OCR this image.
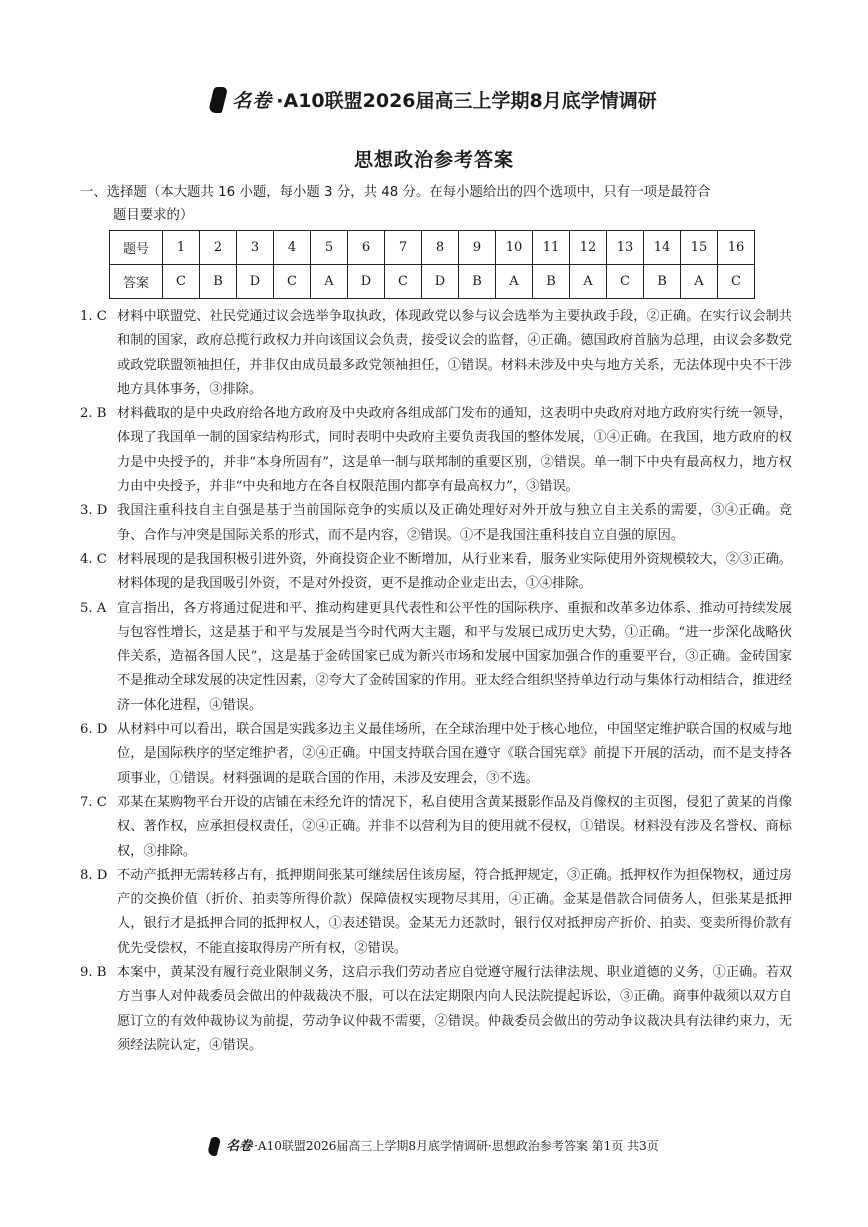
名卷 ·A10联盟2026届高三上学期8月底学情调研
思想政治参考答案
一、选择题（本大题共 16 小题，每小题 3 分，共 48 分。在每小题给出的四个选项中，只有一项是最符合
题目要求的）
题号	1	2	3	4	5	6	7	8	9	10	11	12	13	14	15	16
答案	C	B	D	C	A	D	C	D	B	A	B	A	C	B	A	C
1. C 材料中联盟党、社民党通过议会选举争取执政，体现政党以参与议会选举为主要执政手段，②正确。在实行议会制共和制的国家，政府总揽行政权力并向该国议会负责，接受议会的监督，④正确。德国政府首脑为总理，由议会多数党或政党联盟领袖担任，并非仅由成员最多政党领袖担任，①错误。材料未涉及中央与地方关系，无法体现中央不干涉地方具体事务，③排除。
2. B 材料截取的是中央政府给各地方政府及中央政府各组成部门发布的通知，这表明中央政府对地方政府实行统一领导，体现了我国单一制的国家结构形式，同时表明中央政府主要负责我国的整体发展，①④正确。在我国，地方政府的权力是中央授予的，并非“本身所固有”，这是单一制与联邦制的重要区别，②错误。单一制下中央有最高权力，地方权力由中央授予，并非“中央和地方在各自权限范围内都享有最高权力”，③错误。
3. D 我国注重科技自主自强是基于当前国际竞争的实质以及正确处理好对外开放与独立自主关系的需要，③④正确。竞争、合作与冲突是国际关系的形式，而不是内容，②错误。①不是我国注重科技自立自强的原因。
4. C 材料展现的是我国积极引进外资，外商投资企业不断增加，从行业来看，服务业实际使用外资规模较大，②③正确。材料体现的是我国吸引外资，不是对外投资，更不是推动企业走出去，①④排除。
5. A 宣言指出，各方将通过促进和平、推动构建更具代表性和公平性的国际秩序、重振和改革多边体系、推动可持续发展与包容性增长，这是基于和平与发展是当今时代两大主题，和平与发展已成历史大势，①正确。“进一步深化战略伙伴关系，造福各国人民”，这是基于金砖国家已成为新兴市场和发展中国家加强合作的重要平台，③正确。金砖国家不是推动全球发展的决定性因素，②夸大了金砖国家的作用。亚太经合组织坚持单边行动与集体行动相结合，推进经济一体化进程，④错误。
6. D 从材料中可以看出，联合国是实践多边主义最佳场所，在全球治理中处于核心地位，中国坚定维护联合国的权威与地位，是国际秩序的坚定维护者，②④正确。中国支持联合国在遵守《联合国宪章》前提下开展的活动，而不是支持各项事业，①错误。材料强调的是联合国的作用，未涉及安理会，③不选。
7. C 邓某在某购物平台开设的店铺在未经允许的情况下，私自使用含黄某摄影作品及肖像权的主页图，侵犯了黄某的肖像权、著作权，应承担侵权责任，②④正确。并非不以营利为目的使用就不侵权，①错误。材料没有涉及名誉权、商标权，③排除。
8. D 不动产抵押无需转移占有，抵押期间张某可继续居住该房屋，符合抵押规定，③正确。抵押权作为担保物权，通过房产的交换价值（折价、拍卖等所得价款）保障债权实现物尽其用，④正确。金某是借款合同债务人，但张某是抵押人，银行才是抵押合同的抵押权人，①表述错误。金某无力还款时，银行仅对抵押房产折价、拍卖、变卖所得价款有优先受偿权，不能直接取得房产所有权，②错误。
9. B 本案中，黄某没有履行竞业限制义务，这启示我们劳动者应自觉遵守履行法律法规、职业道德的义务，①正确。若双方当事人对仲裁委员会做出的仲裁裁决不服，可以在法定期限内向人民法院提起诉讼，③正确。商事仲裁须以双方自愿订立的有效仲裁协议为前提，劳动争议仲裁不需要，②错误。仲裁委员会做出的劳动争议裁决具有法律约束力，无须经法院认定，④错误。
名卷 ·A10联盟2026届高三上学期8月底学情调研·思想政治参考答案 第1页 共3页
